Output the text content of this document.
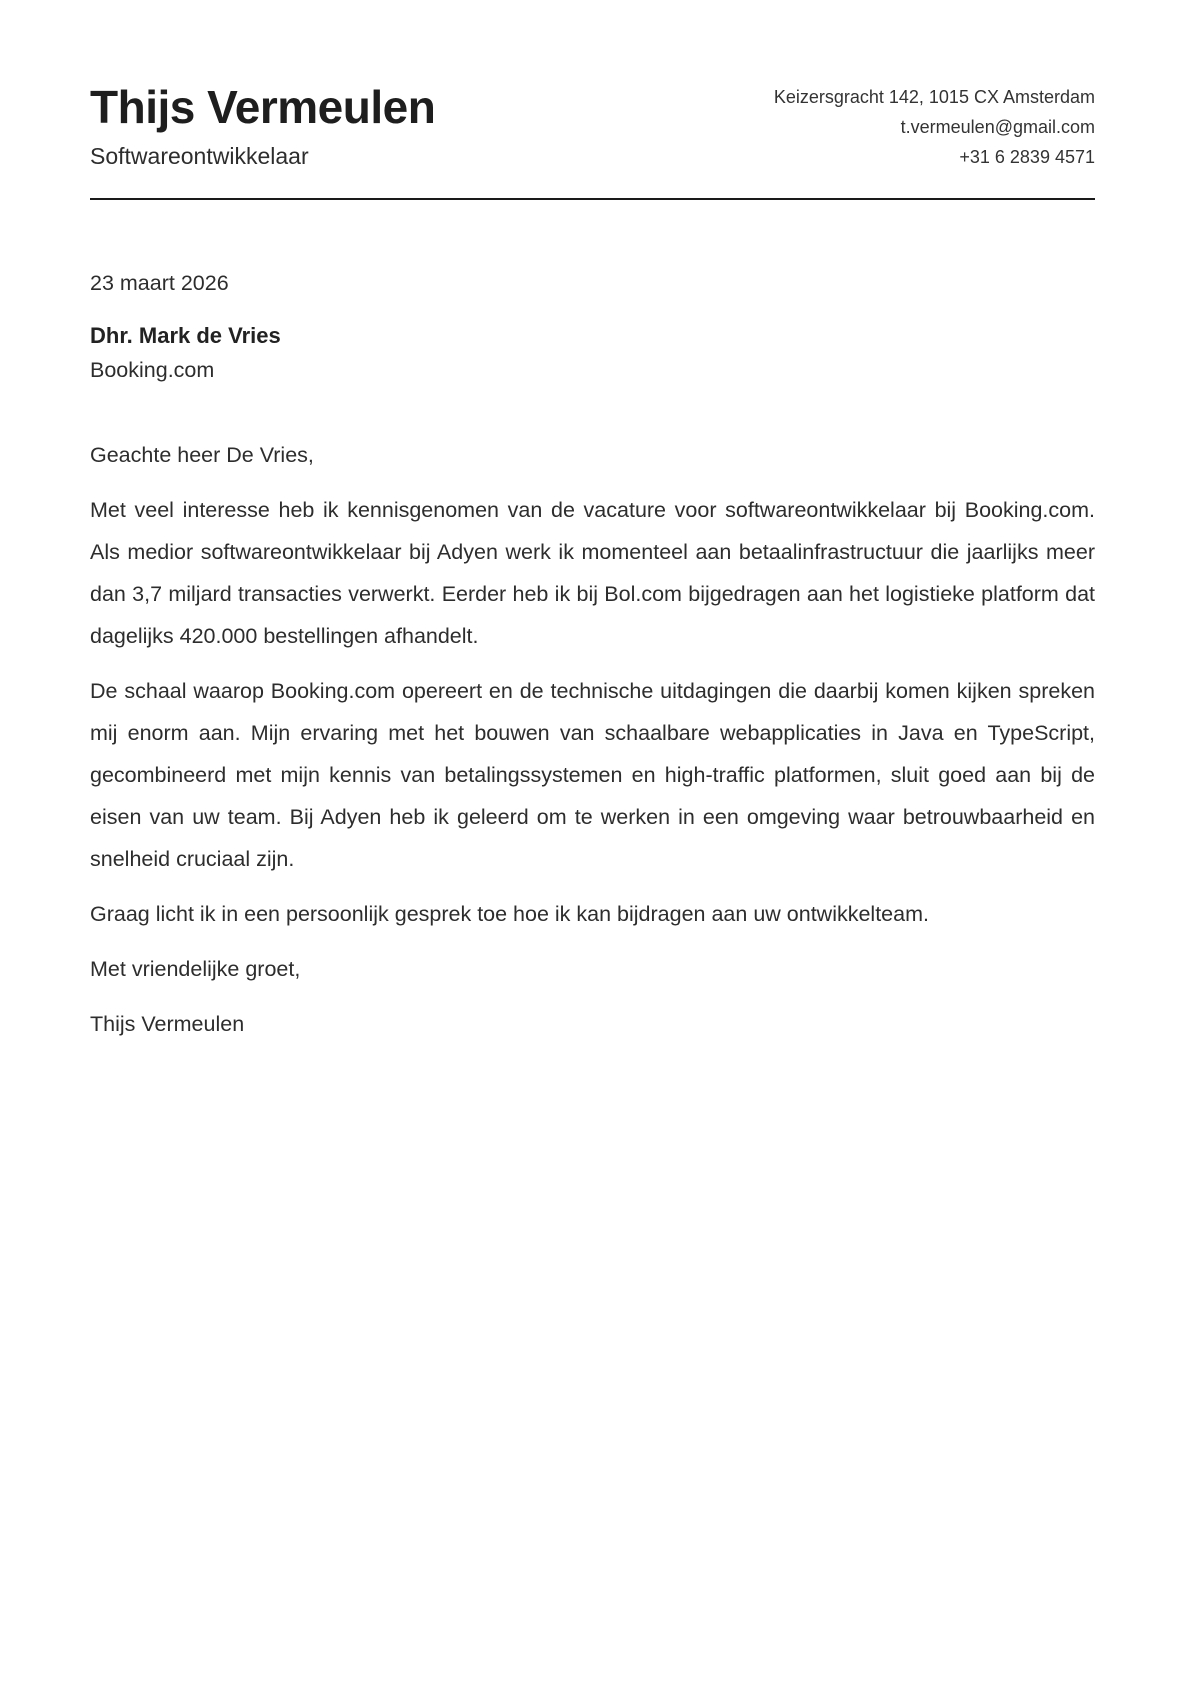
Thijs Vermeulen
Softwareontwikkelaar
Keizersgracht 142, 1015 CX Amsterdam
t.vermeulen@gmail.com
+31 6 2839 4571
23 maart 2026
Dhr. Mark de Vries
Booking.com

Geachte heer De Vries,

Met veel interesse heb ik kennisgenomen van de vacature voor softwareontwikkelaar bij Booking.com. Als medior softwareontwikkelaar bij Adyen werk ik momenteel aan betaalinfrastructuur die jaarlijks meer dan 3,7 miljard transacties verwerkt. Eerder heb ik bij Bol.com bijgedragen aan het logistieke platform dat dagelijks 420.000 bestellingen afhandelt.

De schaal waarop Booking.com opereert en de technische uitdagingen die daarbij komen kijken spreken mij enorm aan. Mijn ervaring met het bouwen van schaalbare webapplicaties in Java en TypeScript, gecombineerd met mijn kennis van betalingssystemen en high-traffic platformen, sluit goed aan bij de eisen van uw team. Bij Adyen heb ik geleerd om te werken in een omgeving waar betrouwbaarheid en snelheid cruciaal zijn.

Graag licht ik in een persoonlijk gesprek toe hoe ik kan bijdragen aan uw ontwikkelteam.

Met vriendelijke groet,

Thijs Vermeulen
